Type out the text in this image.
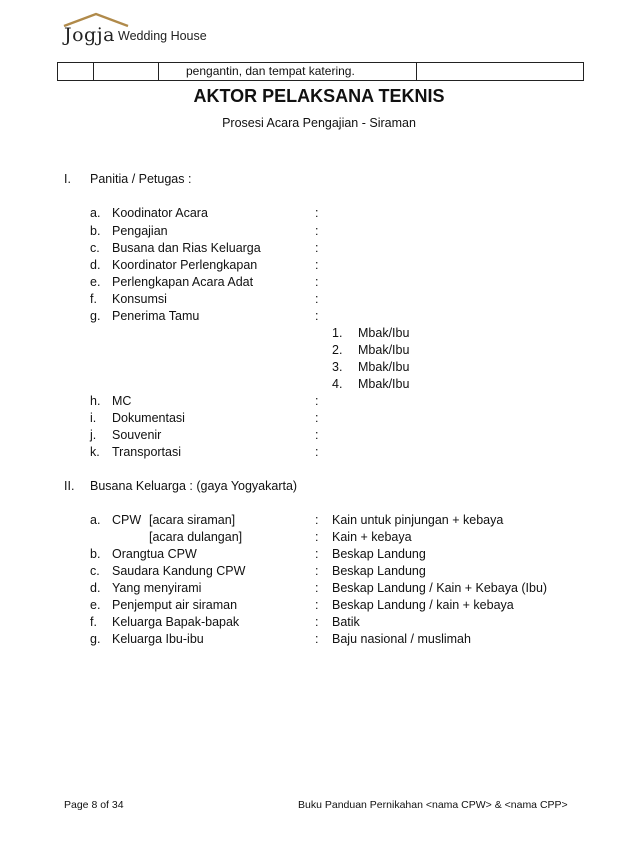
Jogja Wedding House
pengantin, dan tempat katering.
AKTOR PELAKSANA TEKNIS
Prosesi Acara Pengajian - Siraman
I. Panitia / Petugas :
a. Koodinator Acara	:
b. Pengajian	:
c. Busana dan Rias Keluarga	:
d. Koordinator Perlengkapan	:
e. Perlengkapan Acara Adat	:
f. Konsumsi	:
g. Penerima Tamu	:
1. Mbak/Ibu
2. Mbak/Ibu
3. Mbak/Ibu
4. Mbak/Ibu
h. MC	:
i. Dokumentasi	:
j. Souvenir	:
k. Transportasi	:
II. Busana Keluarga : (gaya Yogyakarta)
a. CPW [acara siraman]	: Kain untuk pinjungan + kebaya
[acara dulangan]	: Kain + kebaya
b. Orangtua CPW	: Beskap Landung
c. Saudara Kandung CPW	: Beskap Landung
d. Yang menyirami	: Beskap Landung / Kain + Kebaya (Ibu)
e. Penjemput air siraman	: Beskap Landung / kain + kebaya
f. Keluarga Bapak-bapak	: Batik
g. Keluarga Ibu-ibu	: Baju nasional / muslimah
Page 8 of 34	Buku Panduan Pernikahan <nama CPW> & <nama CPP>
